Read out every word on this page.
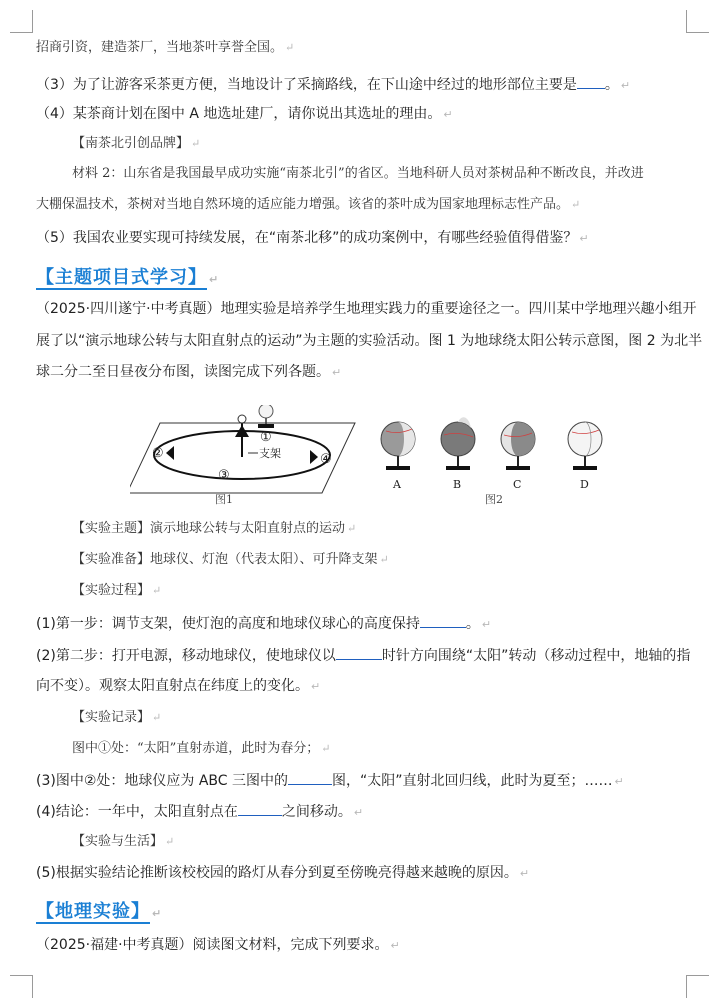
招商引资，建造茶厂，当地茶叶享誉全国。 ↵
（3）为了让游客采茶更方便，当地设计了采摘路线，在下山途中经过的地形部位主要是 。 ↵
（4）某茶商计划在图中 A 地选址建厂，请你说出其选址的理由。 ↵
【南茶北引创品牌】 ↵
材料 2：山东省是我国最早成功实施“南茶北引”的省区。当地科研人员对茶树品种不断改良，并改进
大棚保温技术，茶树对当地自然环境的适应能力增强。该省的茶叶成为国家地理标志性产品。 ↵
（5）我国农业要实现可持续发展，在“南茶北移”的成功案例中，有哪些经验值得借鉴？ ↵
【主题项目式学习】 ↵
（2025·四川遂宁·中考真题）地理实验是培养学生地理实践力的重要途径之一。四川某中学地理兴趣小组开
展了以“演示地球公转与太阳直射点的运动”为主题的实验活动。图 1 为地球绕太阳公转示意图，图 2 为北半
球二分二至日昼夜分布图，读图完成下列各题。 ↵
支架
①
②
③
④
图1
A	B	C	D
图2
【实验主题】演示地球公转与太阳直射点的运动 ↵
【实验准备】地球仪、灯泡（代表太阳）、可升降支架 ↵
【实验过程】 ↵
(1)第一步：调节支架，使灯泡的高度和地球仪球心的高度保持	。 ↵
(2)第二步：打开电源，移动地球仪，使地球仪以	时针方向围绕“太阳”转动（移动过程中，地轴的指
向不变）。观察太阳直射点在纬度上的变化。 ↵
【实验记录】 ↵
图中①处：“太阳”直射赤道，此时为春分； ↵
(3)图中②处：地球仪应为 ABC 三图中的	图，“太阳”直射北回归线，此时为夏至；…… ↵
(4)结论：一年中，太阳直射点在	之间移动。 ↵
【实验与生活】 ↵
(5)根据实验结论推断该校校园的路灯从春分到夏至傍晚亮得越来越晚的原因。 ↵
【地理实验】 ↵
（2025·福建·中考真题）阅读图文材料，完成下列要求。 ↵
